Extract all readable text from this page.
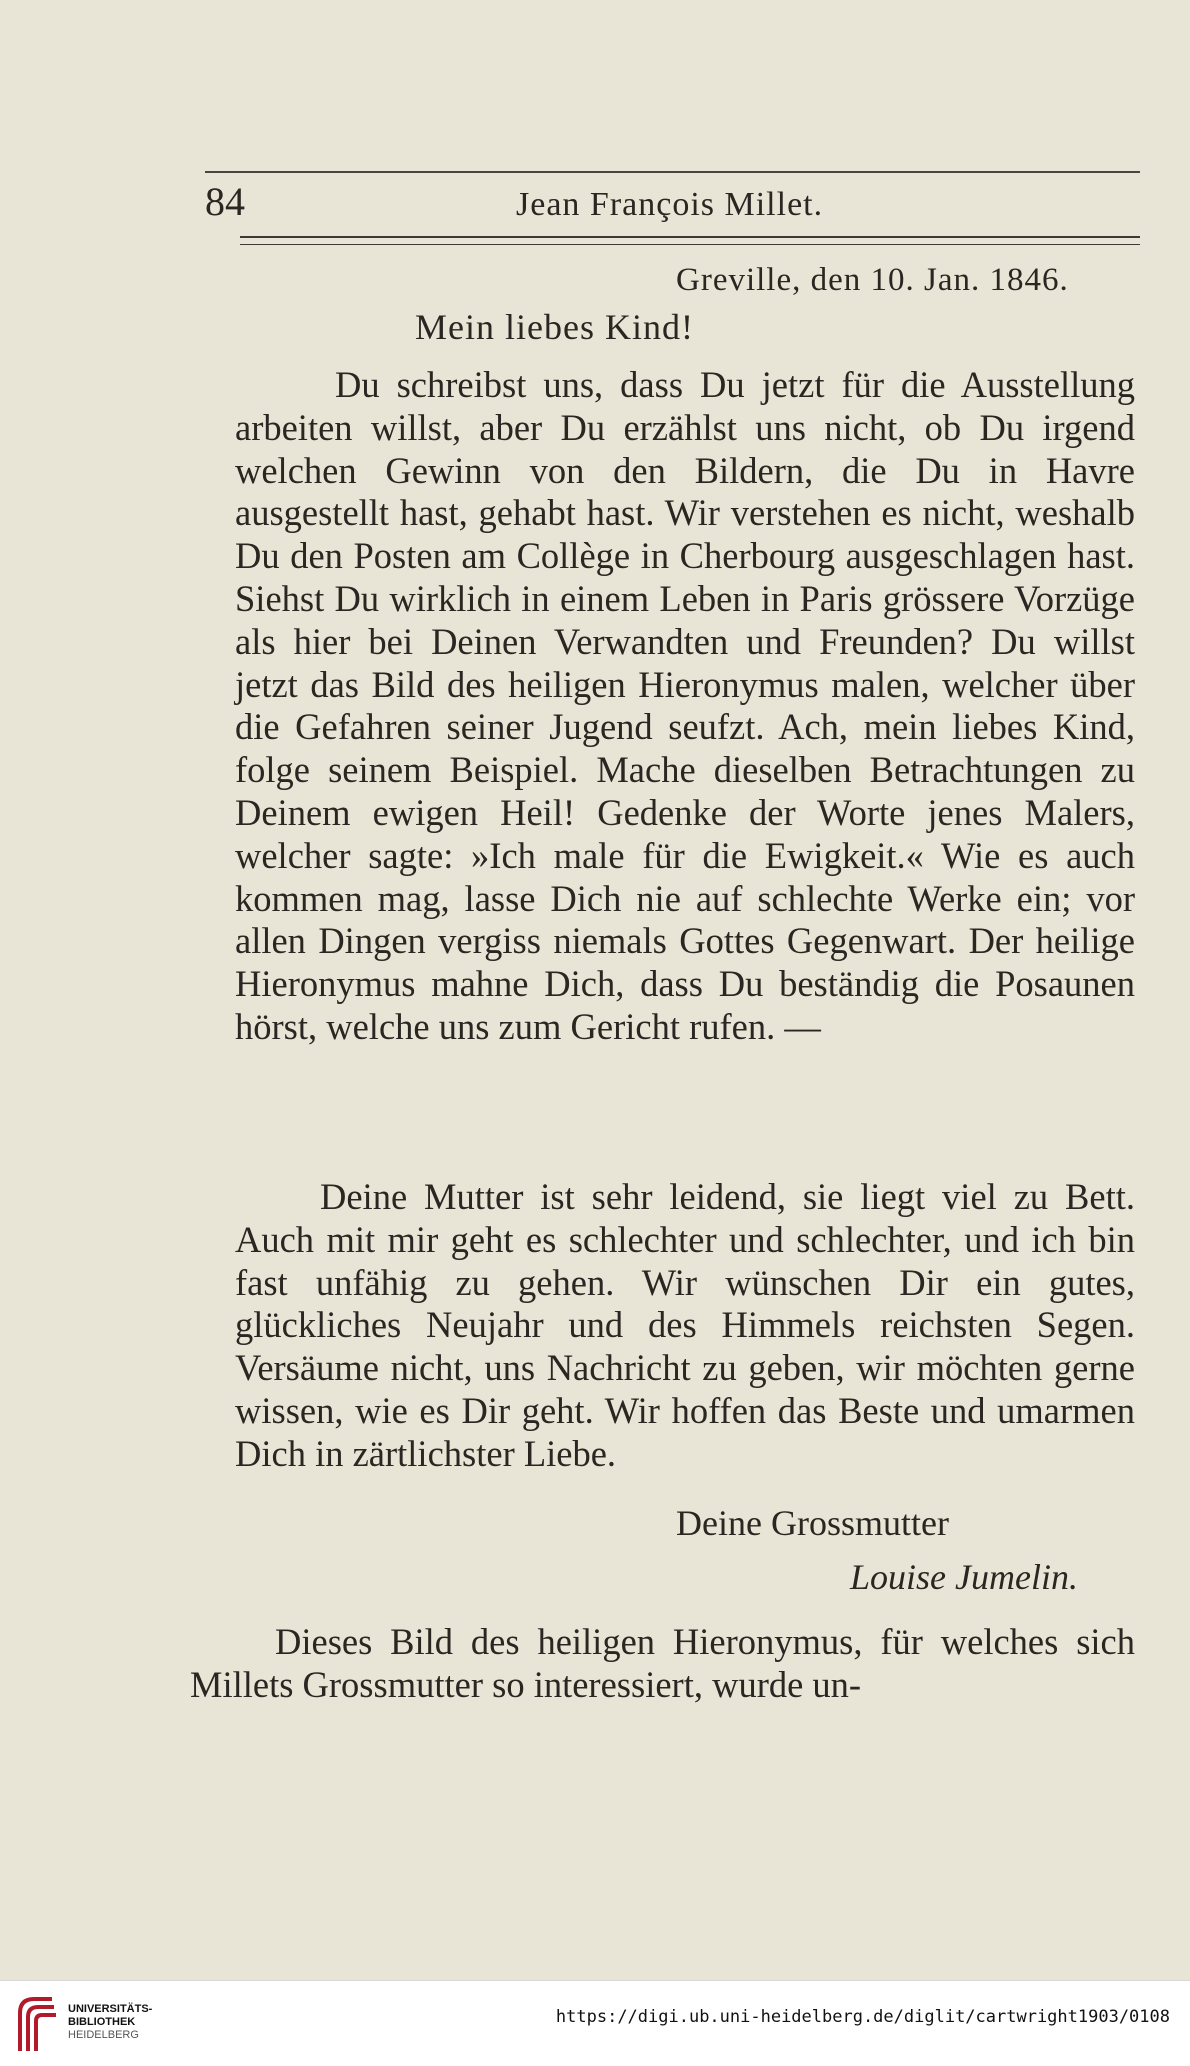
84	Jean François Millet.
Greville, den 10. Jan. 1846.
Mein liebes Kind!

Du schreibst uns, dass Du jetzt für die Ausstellung arbeiten willst, aber Du erzählst uns nicht, ob Du irgend welchen Gewinn von den Bildern, die Du in Havre ausgestellt hast, gehabt hast. Wir verstehen es nicht, weshalb Du den Posten am Collège in Cherbourg ausgeschlagen hast. Siehst Du wirklich in einem Leben in Paris grössere Vorzüge als hier bei Deinen Verwandten und Freunden? Du willst jetzt das Bild des heiligen Hieronymus malen, welcher über die Gefahren seiner Jugend seufzt. Ach, mein liebes Kind, folge seinem Beispiel. Mache dieselben Betrachtungen zu Deinem ewigen Heil! Gedenke der Worte jenes Malers, welcher sagte: »Ich male für die Ewigkeit.« Wie es auch kommen mag, lasse Dich nie auf schlechte Werke ein; vor allen Dingen vergiss niemals Gottes Gegenwart. Der heilige Hieronymus mahne Dich, dass Du beständig die Posaunen hörst, welche uns zum Gericht rufen. —

Deine Mutter ist sehr leidend, sie liegt viel zu Bett. Auch mit mir geht es schlechter und schlechter, und ich bin fast unfähig zu gehen. Wir wünschen Dir ein gutes, glückliches Neujahr und des Himmels reichsten Segen. Versäume nicht, uns Nachricht zu geben, wir möchten gerne wissen, wie es Dir geht. Wir hoffen das Beste und umarmen Dich in zärtlichster Liebe.

Deine Grossmutter
Louise Jumelin.

Dieses Bild des heiligen Hieronymus, für welches sich Millets Grossmutter so interessiert, wurde un-

UNIVERSITÄTS-
BIBLIOTHEK
HEIDELBERG
https://digi.ub.uni-heidelberg.de/diglit/cartwright1903/0108
